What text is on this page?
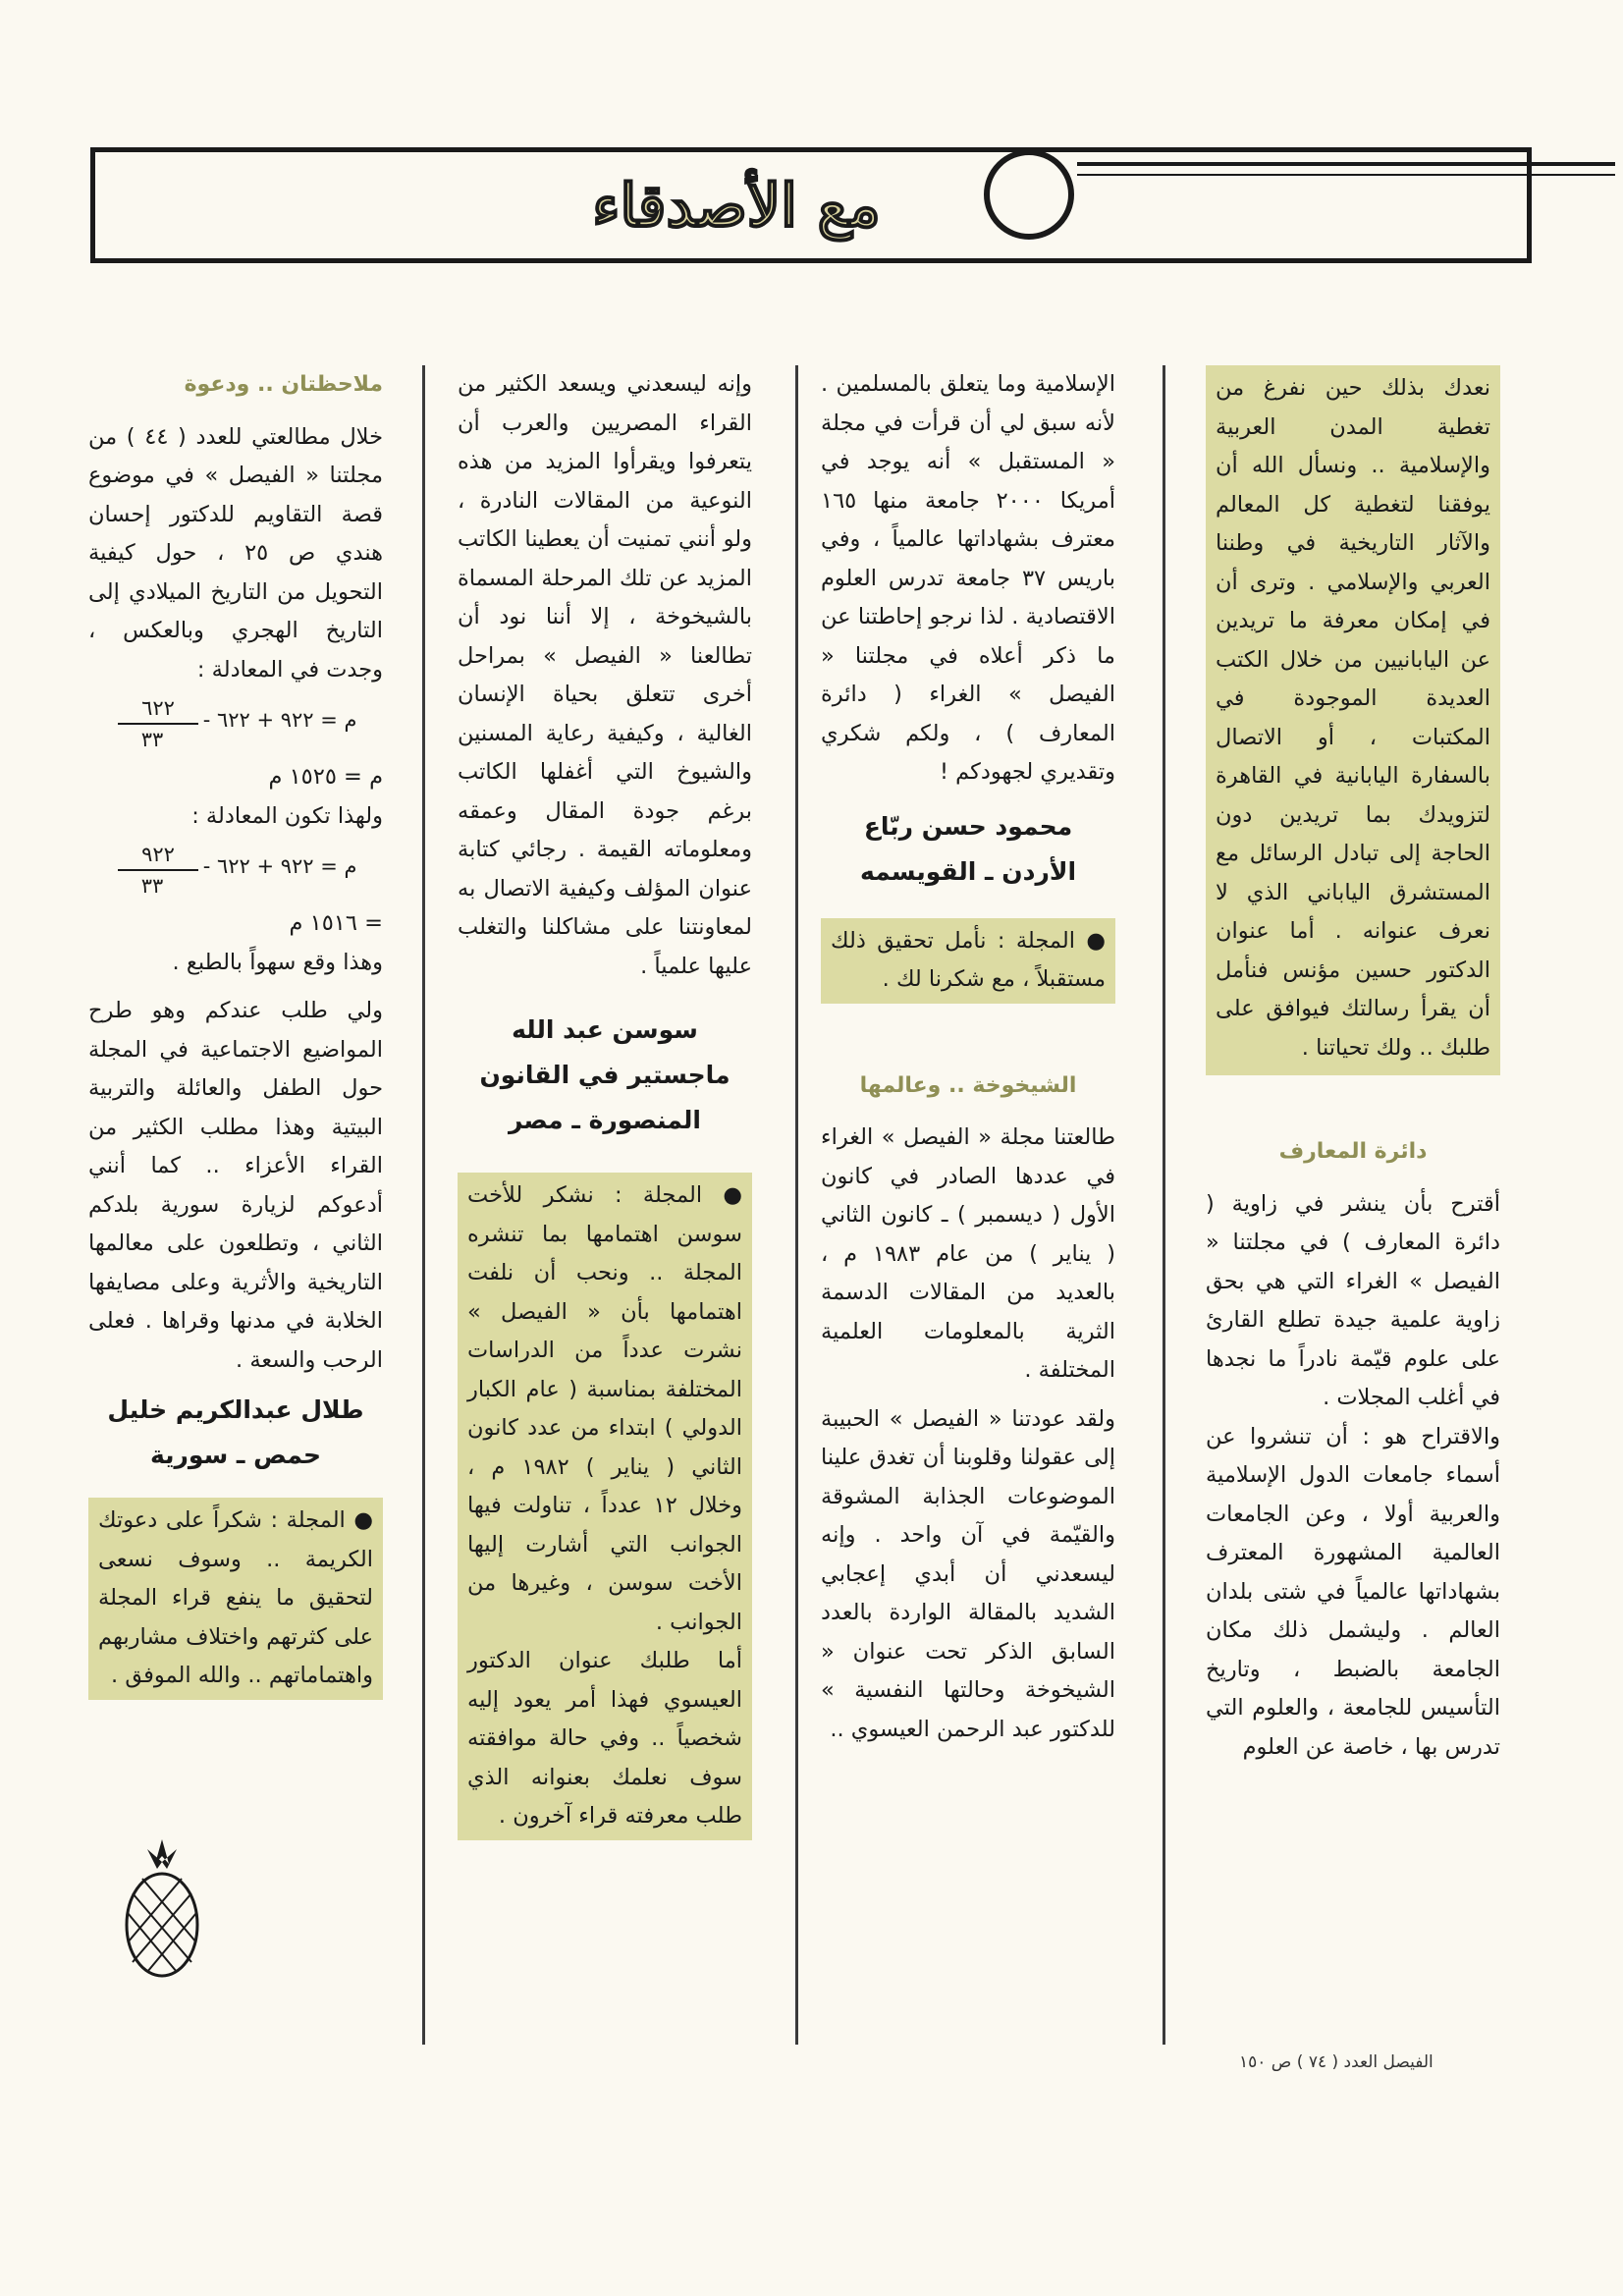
مع الأصدقاء

نعدك بذلك حين نفرغ من تغطية المدن العربية والإسلامية .. ونسأل الله أن يوفقنا لتغطية كل المعالم والآثار التاريخية في وطننا العربي والإسلامي . وترى أن في إمكان معرفة ما تريدين عن اليابانيين من خلال الكتب العديدة الموجودة في المكتبات ، أو الاتصال بالسفارة اليابانية في القاهرة لتزويدك بما تريدين دون الحاجة إلى تبادل الرسائل مع المستشرق الياباني الذي لا نعرف عنوانه . أما عنوان الدكتور حسين مؤنس فنأمل أن يقرأ رسالتك فيوافق على طلبك .. ولك تحياتنا .

دائرة المعارف

أقترح بأن ينشر في زاوية ( دائرة المعارف ) في مجلتنا « الفيصل » الغراء التي هي بحق زاوية علمية جيدة تطلع القارئ على علوم قيّمة نادراً ما نجدها في أغلب المجلات .

والاقتراح هو : أن تنشروا عن أسماء جامعات الدول الإسلامية والعربية أولا ، وعن الجامعات العالمية المشهورة المعترف بشهاداتها عالمياً في شتى بلدان العالم . وليشمل ذلك مكان الجامعة بالضبط ، وتاريخ التأسيس للجامعة ، والعلوم التي تدرس بها ، خاصة عن العلوم

الإسلامية وما يتعلق بالمسلمين . لأنه سبق لي أن قرأت في مجلة « المستقبل » أنه يوجد في أمريكا ٢٠٠٠ جامعة منها ١٦٥ معترف بشهاداتها عالمياً ، وفي باريس ٣٧ جامعة تدرس العلوم الاقتصادية . لذا نرجو إحاطتنا عن ما ذكر أعلاه في مجلتنا « الفيصل » الغراء ( دائرة المعارف ) ، ولكم شكري وتقديري لجهودكم !

محمود حسن ربّاع

الأردن ـ القويسمه

● المجلة : نأمل تحقيق ذلك مستقبلاً ، مع شكرنا لك .

الشيخوخة .. وعالمها

طالعتنا مجلة « الفيصل » الغراء في عددها الصادر في كانون الأول ( ديسمبر ) ـ كانون الثاني ( يناير ) من عام ١٩٨٣ م ، بالعديد من المقالات الدسمة الثرية بالمعلومات العلمية المختلفة .

ولقد عودتنا « الفيصل » الحبيبة إلى عقولنا وقلوبنا أن تغدق علينا الموضوعات الجذابة المشوقة والقيّمة في آن واحد . وإنه ليسعدني أن أبدي إعجابي الشديد بالمقالة الواردة بالعدد السابق الذكر تحت عنوان « الشيخوخة وحالتها النفسية » للدكتور عبد الرحمن العيسوي ..

وإنه ليسعدني ويسعد الكثير من القراء المصريين والعرب أن يتعرفوا ويقرأوا المزيد من هذه النوعية من المقالات النادرة ، ولو أنني تمنيت أن يعطينا الكاتب المزيد عن تلك المرحلة المسماة بالشيخوخة ، إلا أننا نود أن تطالعنا « الفيصل » بمراحل أخرى تتعلق بحياة الإنسان الغالية ، وكيفية رعاية المسنين والشيوخ التي أغفلها الكاتب برغم جودة المقال وعمقه ومعلوماته القيمة . رجائي كتابة عنوان المؤلف وكيفية الاتصال به لمعاونتنا على مشاكلنا والتغلب عليها علمياً .

سوسن عبد الله

ماجستير في القانون

المنصورة ـ مصر

● المجلة : نشكر للأخت سوسن اهتمامها بما تنشره المجلة .. ونحب أن نلفت اهتمامها بأن « الفيصل » نشرت عدداً من الدراسات المختلفة بمناسبة ( عام الكبار الدولي ) ابتداء من عدد كانون الثاني ( يناير ) ١٩٨٢ م ، وخلال ١٢ عدداً ، تناولت فيها الجوانب التي أشارت إليها الأخت سوسن ، وغيرها من الجوانب .

أما طلبك عنوان الدكتور العيسوي فهذا أمر يعود إليه شخصياً .. وفي حالة موافقته سوف نعلمك بعنوانه الذي طلب معرفته قراء آخرون .

ملاحظتان .. ودعوة

خلال مطالعتي للعدد ( ٤٤ ) من مجلتنا « الفيصل » في موضوع قصة التقاويم للدكتور إحسان هندي ص ٢٥ ، حول كيفية التحويل من التاريخ الميلادي إلى التاريخ الهجري وبالعكس ، وجدت في المعادلة :

٦٢٢
٣٣ م = ٩٢٢ + ٦٢٢ -

م = ١٥٢٥ م

ولهذا تكون المعادلة :

٩٢٢
٣٣ م = ٩٢٢ + ٦٢٢ -

= ١٥١٦ م

وهذا وقع سهواً بالطبع .

ولي طلب عندكم وهو طرح المواضيع الاجتماعية في المجلة حول الطفل والعائلة والتربية البيتية وهذا مطلب الكثير من القراء الأعزاء .. كما أنني أدعوكم لزيارة سورية بلدكم الثاني ، وتطلعون على معالمها التاريخية والأثرية وعلى مصايفها الخلابة في مدنها وقراها . فعلى الرحب والسعة .

طلال عبدالكريم خليل

حمص ـ سورية

● المجلة : شكراً على دعوتك الكريمة .. وسوف نسعى لتحقيق ما ينفع قراء المجلة على كثرتهم واختلاف مشاربهم واهتماماتهم .. والله الموفق .

الفيصل العدد ( ٧٤ ) ص ١٥٠
